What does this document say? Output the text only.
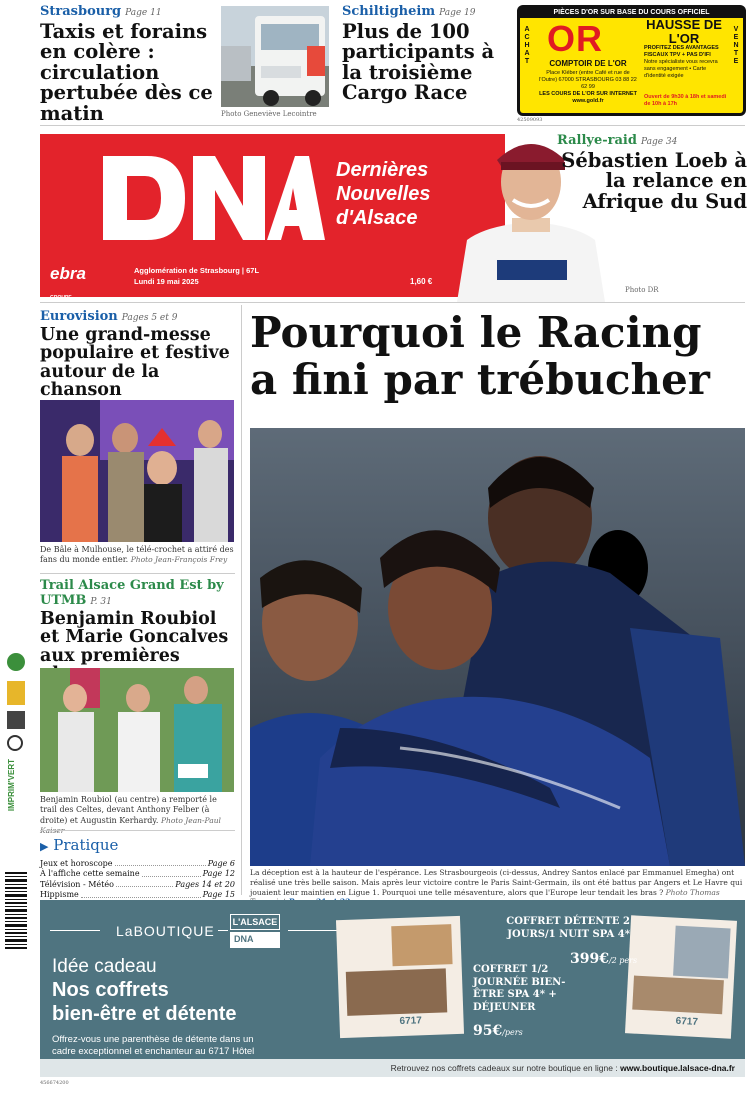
Strasbourg Page 11
Taxis et forains en colère : circulation pertubée dès ce matin	Photo Geneviève Lecointre
Schiltigheim Page 19
Plus de 100 participants à la troisième Cargo Race
PIÈCES D'OR SUR BASE DU COURS OFFICIEL
A
C
H
A
T
V
E
N
T
E
OR
COMPTOIR DE L'OR
Place Kléber (entre Café et rue de l'Outre) 67000 STRASBOURG 03 88 22 62 99
LES COURS DE L'OR SUR INTERNET www.gold.fr
HAUSSE DE L'OR
PROFITEZ DES AVANTAGES FISCAUX TPV + PAS D'IFI
Notre spécialiste vous recevra sans engagement • Carte d'identité exigée
Ouvert de 9h30 à 18h et samedi de 10h à 17h
42509093
Dernières
Nouvelles
d'Alsace
ebra
GROUPE
Agglomération de Strasbourg | 67L
Lundi 19 mai 2025	1,60 €
Rallye-raid Page 34
Sébastien Loeb à la relance en Afrique du Sud
Photo DR
Eurovision Pages 5 et 9
Une grand-messe populaire et festive autour de la chanson
De Bâle à Mulhouse, le télé-crochet a attiré des fans du monde entier. Photo Jean-François Frey
Trail Alsace Grand Est by UTMB P. 31
Benjamin Roubiol et Marie Goncalves aux premières
Benjamin Roubiol (au centre) a remporté le trail des Celtes, devant Anthony Felber (à droite) et Augustin Kerhardy. Photo Jean-Paul
▶ Pratique
Jeux et horoscope	Page 6
À l'affiche cette semaine	Page 12
Télévision - Météo	Pages 14 et 20
Hippisme	Page 15
Pourquoi le Racing
a fini par trébucher
La déception est à la hauteur de l'espérance. Les Strasbourgeois (ci-dessus, Andrey Santos enlacé par Emmanuel Emegha) ont réalisé une très belle saison. Mais après leur victoire contre le Paris Saint-Germain, ils ont été battus par Angers et Le Havre qui jouaient leur maintien en Ligue 1. Pourquoi une telle mésaventure, alors que l'Europe leur tendait les bras ? Photo Thomas
IMPRIM'VERT
LaBOUTIQUE
L'ALSACE
DNA
Idée cadeau
Nos coffrets
bien-être et détente
Offrez-vous une parenthèse de détente dans un cadre exceptionnel et enchanteur au 6717 Hôtel
6717	6717
COFFRET DÉTENTE 2 JOURS/1 NUIT SPA 4*
399€/2 pers
COFFRET 1/2 JOURNÉE BIEN-ÊTRE SPA 4* + DÉJEUNER
95€/pers
Retrouvez nos coffrets cadeaux sur notre boutique en ligne : www.boutique.lalsace-dna.fr
456674200
